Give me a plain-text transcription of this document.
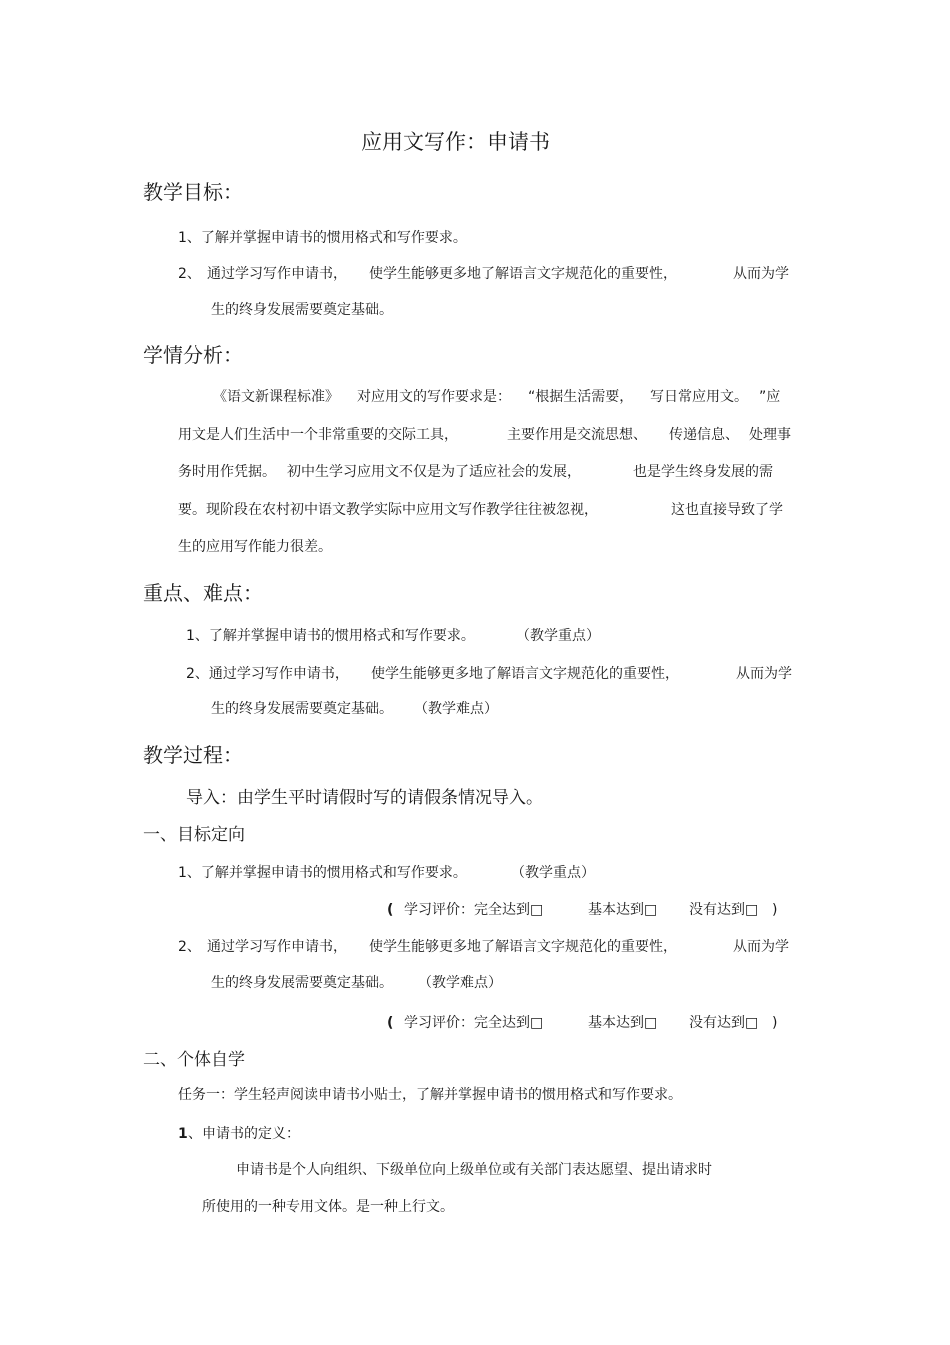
应用文写作：申请书
教学目标：
1、了解并掌握申请书的惯用格式和写作要求。
2、 通过学习写作申请书， 使学生能够更多地了解语言文字规范化的重要性，	从而为学
生的终身发展需要奠定基础。
学情分析：
《语文新课程标准》 对应用文的写作要求是： “根据生活需要， 写日常应用文。 ”应
用文是人们生活中一个非常重要的交际工具，	主要作用是交流思想、 传递信息、 处理事
务时用作凭据。 初中生学习应用文不仅是为了适应社会的发展，	也是学生终身发展的需
要。现阶段在农村初中语文教学实际中应用文写作教学往往被忽视，	这也直接导致了学
生的应用写作能力很差。
重点、难点：
1、了解并掌握申请书的惯用格式和写作要求。	（教学重点）
2、通过学习写作申请书， 使学生能够更多地了解语言文字规范化的重要性，	从而为学
生的终身发展需要奠定基础。 （教学难点）
教学过程：
导入：由学生平时请假时写的请假条情况导入。
一、目标定向
1、了解并掌握申请书的惯用格式和写作要求。	（教学重点）
( 学习评价：完全达到□	基本达到□ 没有达到□ )
2、 通过学习写作申请书， 使学生能够更多地了解语言文字规范化的重要性，	从而为学
生的终身发展需要奠定基础。 （教学难点）
( 学习评价：完全达到□	基本达到□ 没有达到□ )
二、个体自学
任务一：学生轻声阅读申请书小贴士，了解并掌握申请书的惯用格式和写作要求。
1 、申请书的定义：
申请书是个人向组织、下级单位向上级单位或有关部门表达愿望、提出请求时
所使用的一种专用文体。是一种上行文。
